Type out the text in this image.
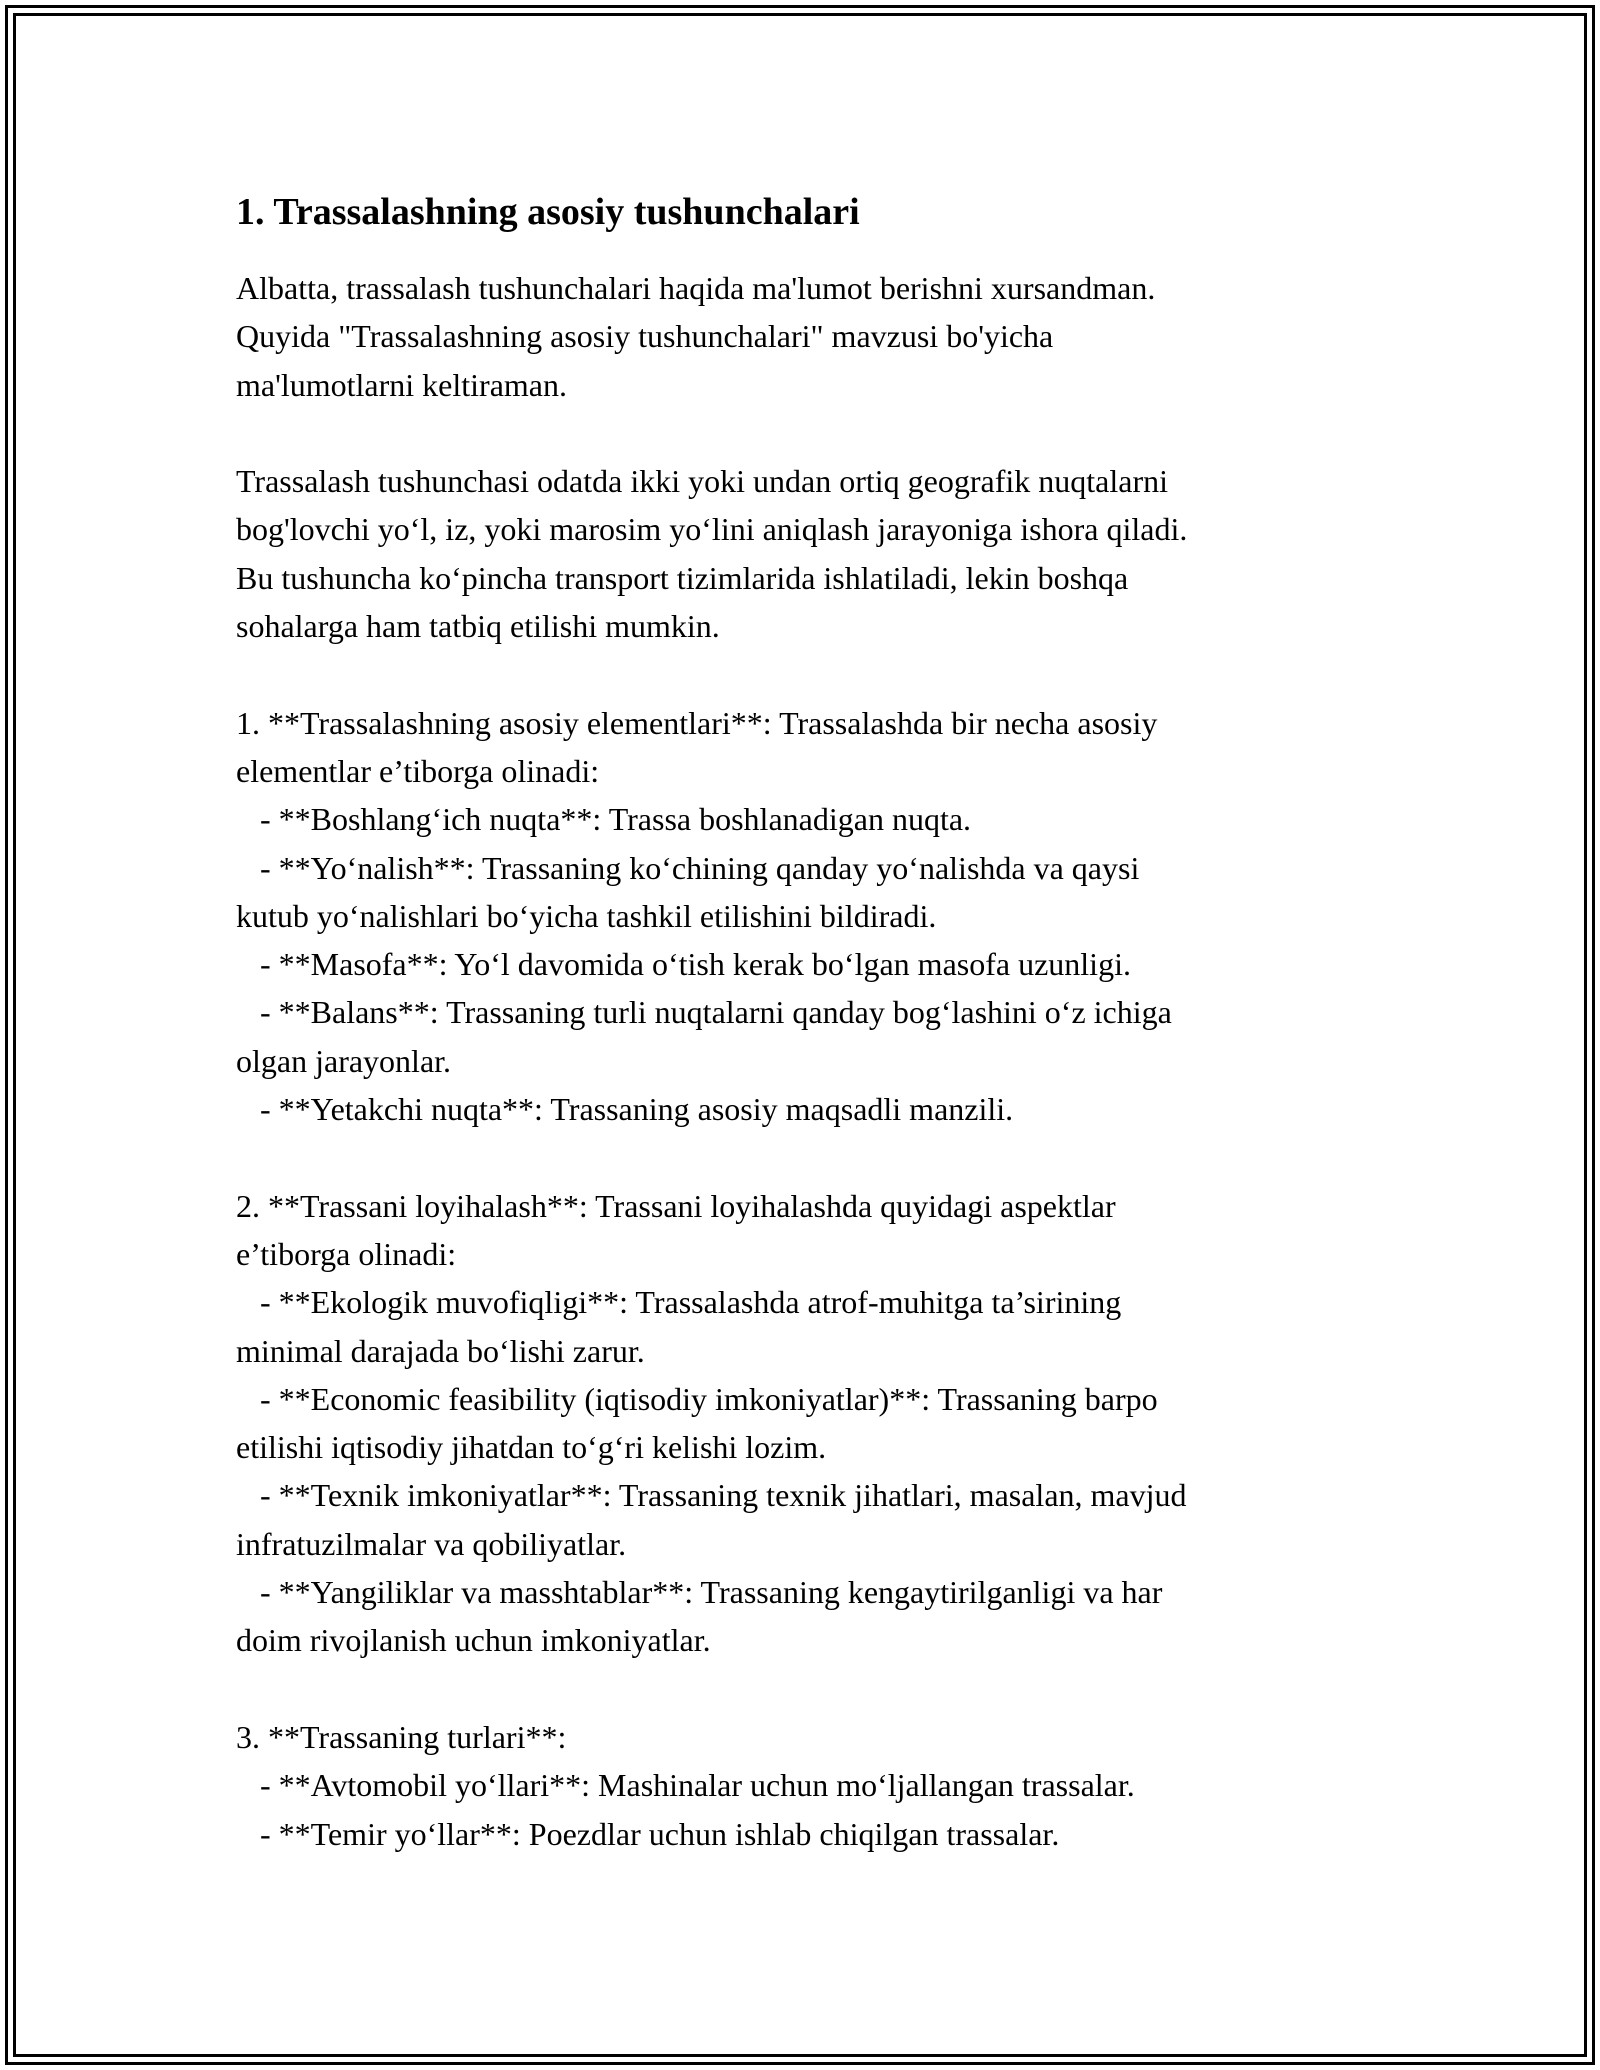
1. Trassalashning asosiy tushunchalari
Albatta, trassalash tushunchalari haqida ma'lumot berishni xursandman.
Quyida "Trassalashning asosiy tushunchalari" mavzusi bo'yicha
ma'lumotlarni keltiraman.
Trassalash tushunchasi odatda ikki yoki undan ortiq geografik nuqtalarni
bog'lovchi yo‘l, iz, yoki marosim yo‘lini aniqlash jarayoniga ishora qiladi.
Bu tushuncha ko‘pincha transport tizimlarida ishlatiladi, lekin boshqa
sohalarga ham tatbiq etilishi mumkin.
1. **Trassalashning asosiy elementlari**: Trassalashda bir necha asosiy
elementlar e’tiborga olinadi:
- **Boshlang‘ich nuqta**: Trassa boshlanadigan nuqta.
- **Yo‘nalish**: Trassaning ko‘chining qanday yo‘nalishda va qaysi
kutub yo‘nalishlari bo‘yicha tashkil etilishini bildiradi.
- **Masofa**: Yo‘l davomida o‘tish kerak bo‘lgan masofa uzunligi.
- **Balans**: Trassaning turli nuqtalarni qanday bog‘lashini o‘z ichiga
olgan jarayonlar.
- **Yetakchi nuqta**: Trassaning asosiy maqsadli manzili.
2. **Trassani loyihalash**: Trassani loyihalashda quyidagi aspektlar
e’tiborga olinadi:
- **Ekologik muvofiqligi**: Trassalashda atrof-muhitga ta’sirining
minimal darajada bo‘lishi zarur.
- **Economic feasibility (iqtisodiy imkoniyatlar)**: Trassaning barpo
etilishi iqtisodiy jihatdan to‘g‘ri kelishi lozim.
- **Texnik imkoniyatlar**: Trassaning texnik jihatlari, masalan, mavjud
infratuzilmalar va qobiliyatlar.
- **Yangiliklar va masshtablar**: Trassaning kengaytirilganligi va har
doim rivojlanish uchun imkoniyatlar.
3. **Trassaning turlari**:
- **Avtomobil yo‘llari**: Mashinalar uchun mo‘ljallangan trassalar.
- **Temir yo‘llar**: Poezdlar uchun ishlab chiqilgan trassalar.
